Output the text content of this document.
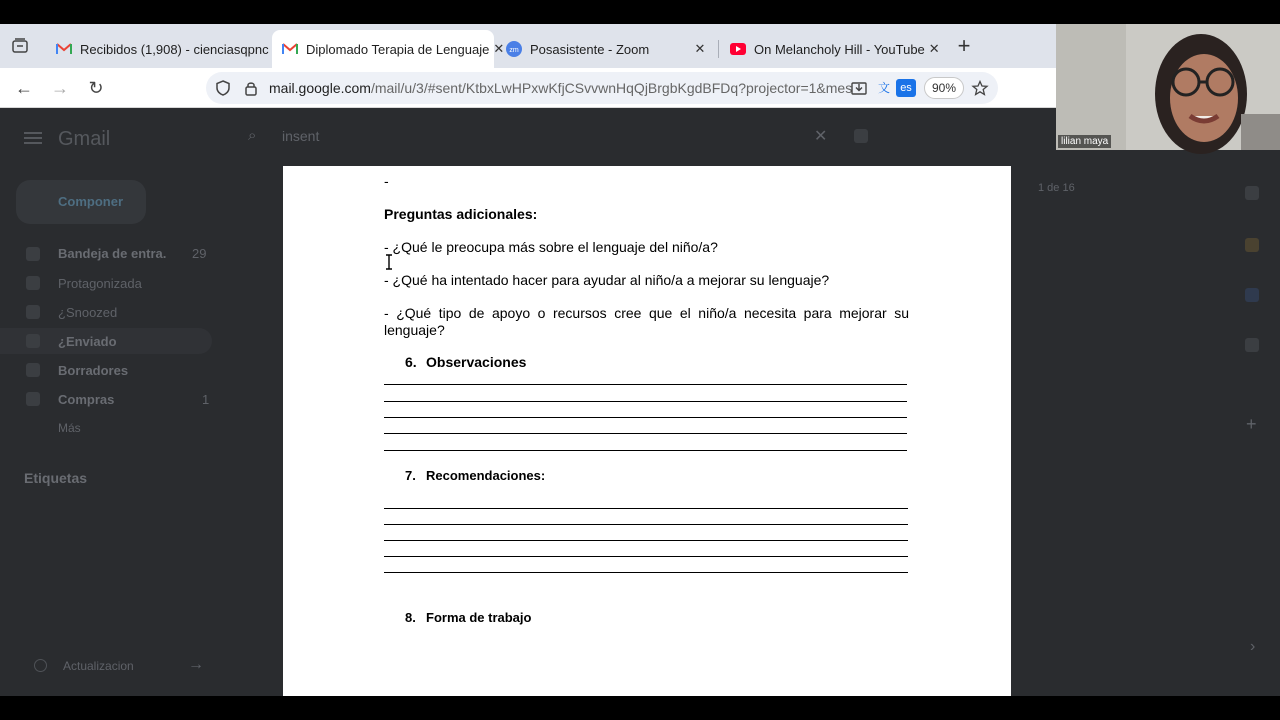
Recibidos (1,908) - cienciasqpnc	Diplomado Terapia de Lenguaje ✕ zm Posasistente - Zoom	✕	On Melancholy Hill - YouTube ✕ +
← → ↻	mail.google.com/mail/u/3/#sent/KtbxLwHPxwKfjCSvvwnHqQjBrgbKgdBFDq?projector=1&mes 文 es	90%
Gmail
Componer
Bandeja de entra. 29
Protagonizada
¿Snoozed
¿Enviado
Borradores
Compras	1
Más
Etiquetas
Actualizacion	→
⌕ insent	✕
1 de 16
+
›
-
Preguntas adicionales:
- ¿Qué le preocupa más sobre el lenguaje del niño/a?
- ¿Qué ha intentado hacer para ayudar al niño/a a mejorar su lenguaje?
- ¿Qué tipo de apoyo o recursos cree que el niño/a necesita para mejorar su lenguaje?
6. Observaciones
7. Recomendaciones:
8. Forma de trabajo
lilian maya
